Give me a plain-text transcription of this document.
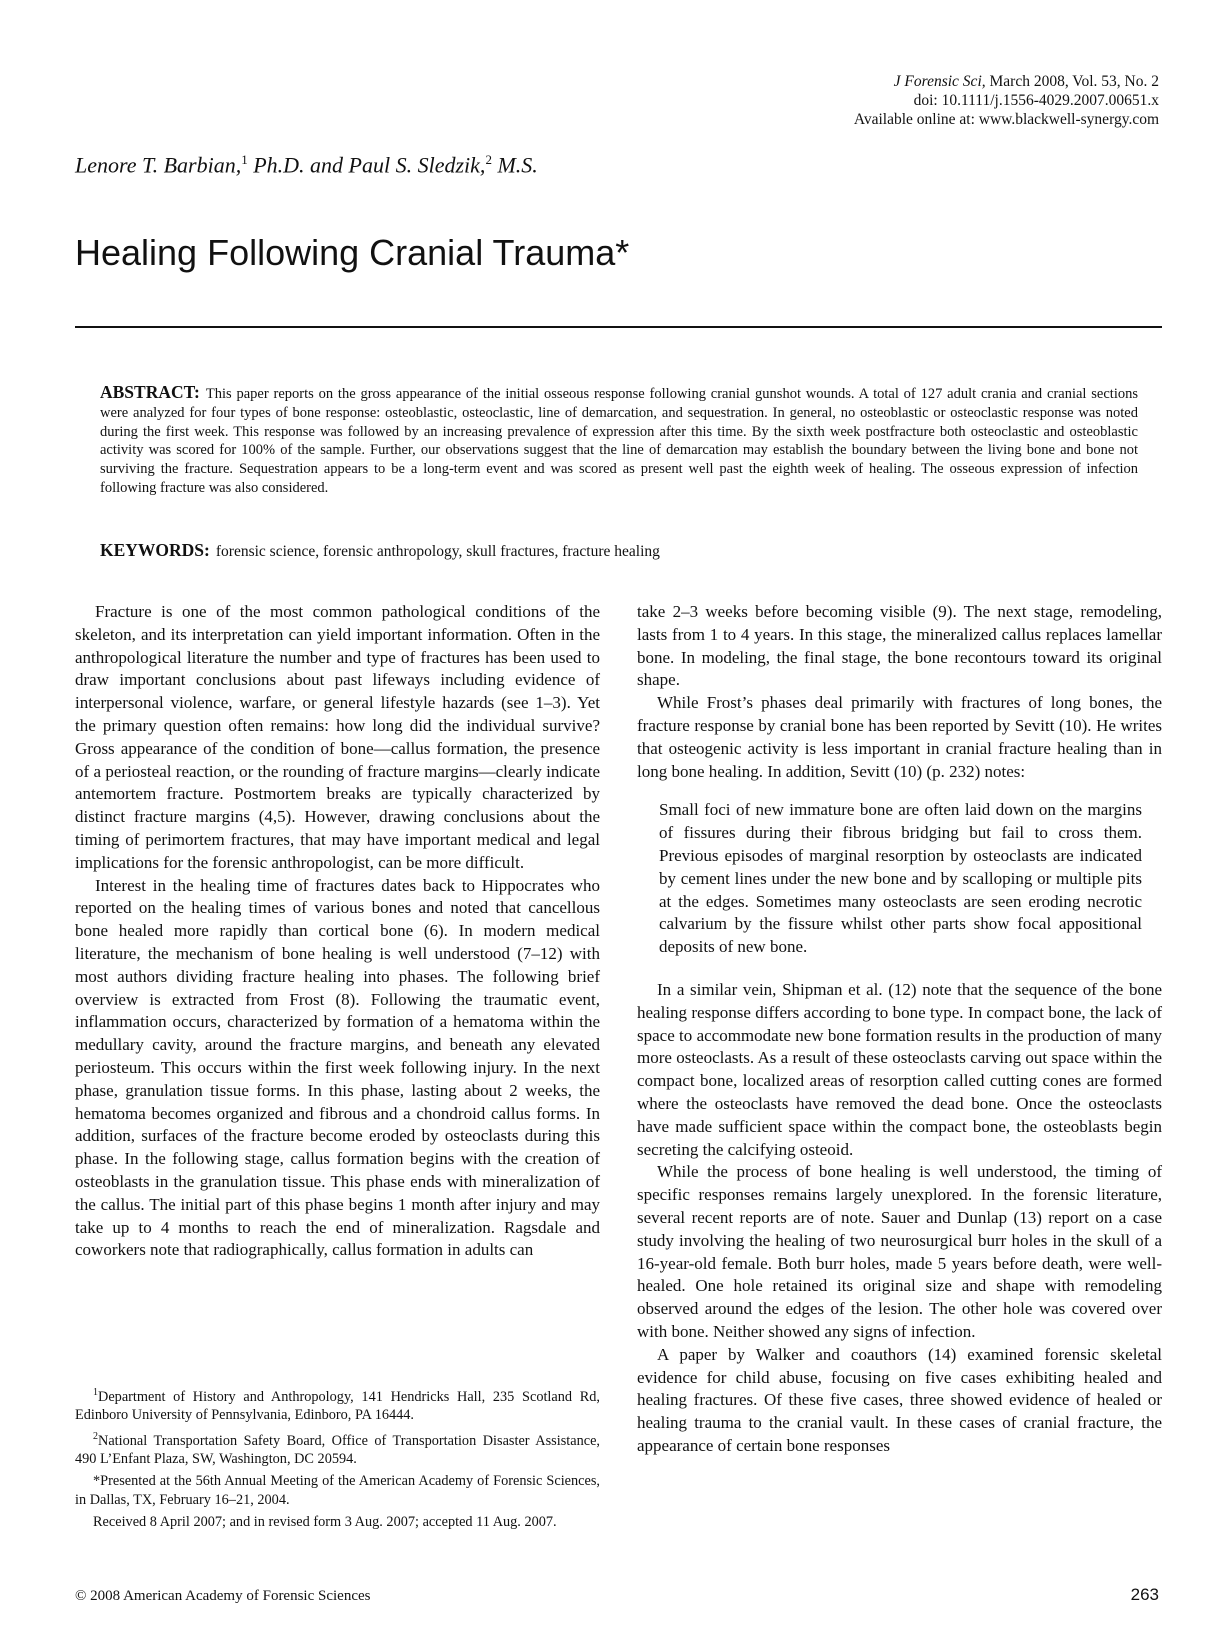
J Forensic Sci, March 2008, Vol. 53, No. 2
doi: 10.1111/j.1556-4029.2007.00651.x
Available online at: www.blackwell-synergy.com
Lenore T. Barbian,$^1$ Ph.D. and Paul S. Sledzik,$^2$ M.S.
Healing Following Cranial Trauma*
ABSTRACT: This paper reports on the gross appearance of the initial osseous response following cranial gunshot wounds. A total of 127 adult crania and cranial sections were analyzed for four types of bone response: osteoblastic, osteoclastic, line of demarcation, and sequestration. In general, no osteoblastic or osteoclastic response was noted during the first week. This response was followed by an increasing prevalence of expression after this time. By the sixth week postfracture both osteoclastic and osteoblastic activity was scored for 100% of the sample. Further, our observations suggest that the line of demarcation may establish the boundary between the living bone and bone not surviving the fracture. Sequestration appears to be a long-term event and was scored as present well past the eighth week of healing. The osseous expression of infection following fracture was also considered.
KEYWORDS: forensic science, forensic anthropology, skull fractures, fracture healing

Fracture is one of the most common pathological conditions of the skeleton, and its interpretation can yield important information. Often in the anthropological literature the number and type of fractures has been used to draw important conclusions about past lifeways including evidence of interpersonal violence, warfare, or general lifestyle hazards (see 1–3). Yet the primary question often remains: how long did the individual survive? Gross appearance of the condition of bone—callus formation, the presence of a periosteal reaction, or the rounding of fracture margins—clearly indicate antemortem fracture. Postmortem breaks are typically characterized by distinct fracture margins (4,5). However, drawing conclusions about the timing of perimortem fractures, that may have important medical and legal implications for the forensic anthropologist, can be more difficult.

Interest in the healing time of fractures dates back to Hippocrates who reported on the healing times of various bones and noted that cancellous bone healed more rapidly than cortical bone (6). In modern medical literature, the mechanism of bone healing is well understood (7–12) with most authors dividing fracture healing into phases. The following brief overview is extracted from Frost (8). Following the traumatic event, inflammation occurs, characterized by formation of a hematoma within the medullary cavity, around the fracture margins, and beneath any elevated periosteum. This occurs within the first week following injury. In the next phase, granulation tissue forms. In this phase, lasting about 2 weeks, the hematoma becomes organized and fibrous and a chondroid callus forms. In addition, surfaces of the fracture become eroded by osteoclasts during this phase. In the following stage, callus formation begins with the creation of osteoblasts in the granulation tissue. This phase ends with mineralization of the callus. The initial part of this phase begins 1 month after injury and may take up to 4 months to reach the end of mineralization. Ragsdale and coworkers note that radiographically, callus formation in adults can

$^1$Department of History and Anthropology, 141 Hendricks Hall, 235 Scotland Rd, Edinboro University of Pennsylvania, Edinboro, PA 16444.

$^2$National Transportation Safety Board, Office of Transportation Disaster Assistance, 490 L’Enfant Plaza, SW, Washington, DC 20594.

*Presented at the 56th Annual Meeting of the American Academy of Forensic Sciences, in Dallas, TX, February 16–21, 2004.

Received 8 April 2007; and in revised form 3 Aug. 2007; accepted 11 Aug. 2007.

take 2–3 weeks before becoming visible (9). The next stage, remodeling, lasts from 1 to 4 years. In this stage, the mineralized callus replaces lamellar bone. In modeling, the final stage, the bone recontours toward its original shape.

While Frost’s phases deal primarily with fractures of long bones, the fracture response by cranial bone has been reported by Sevitt (10). He writes that osteogenic activity is less important in cranial fracture healing than in long bone healing. In addition, Sevitt (10) (p. 232) notes:

Small foci of new immature bone are often laid down on the margins of fissures during their fibrous bridging but fail to cross them. Previous episodes of marginal resorption by osteoclasts are indicated by cement lines under the new bone and by scalloping or multiple pits at the edges. Sometimes many osteoclasts are seen eroding necrotic calvarium by the fissure whilst other parts show focal appositional deposits of new bone.

In a similar vein, Shipman et al. (12) note that the sequence of the bone healing response differs according to bone type. In compact bone, the lack of space to accommodate new bone formation results in the production of many more osteoclasts. As a result of these osteoclasts carving out space within the compact bone, localized areas of resorption called cutting cones are formed where the osteoclasts have removed the dead bone. Once the osteoclasts have made sufficient space within the compact bone, the osteoblasts begin secreting the calcifying osteoid.

While the process of bone healing is well understood, the timing of specific responses remains largely unexplored. In the forensic literature, several recent reports are of note. Sauer and Dunlap (13) report on a case study involving the healing of two neurosurgical burr holes in the skull of a 16-year-old female. Both burr holes, made 5 years before death, were well-healed. One hole retained its original size and shape with remodeling observed around the edges of the lesion. The other hole was covered over with bone. Neither showed any signs of infection.

A paper by Walker and coauthors (14) examined forensic skeletal evidence for child abuse, focusing on five cases exhibiting healed and healing fractures. Of these five cases, three showed evidence of healed or healing trauma to the cranial vault. In these cases of cranial fracture, the appearance of certain bone responses

© 2008 American Academy of Forensic Sciences	263
